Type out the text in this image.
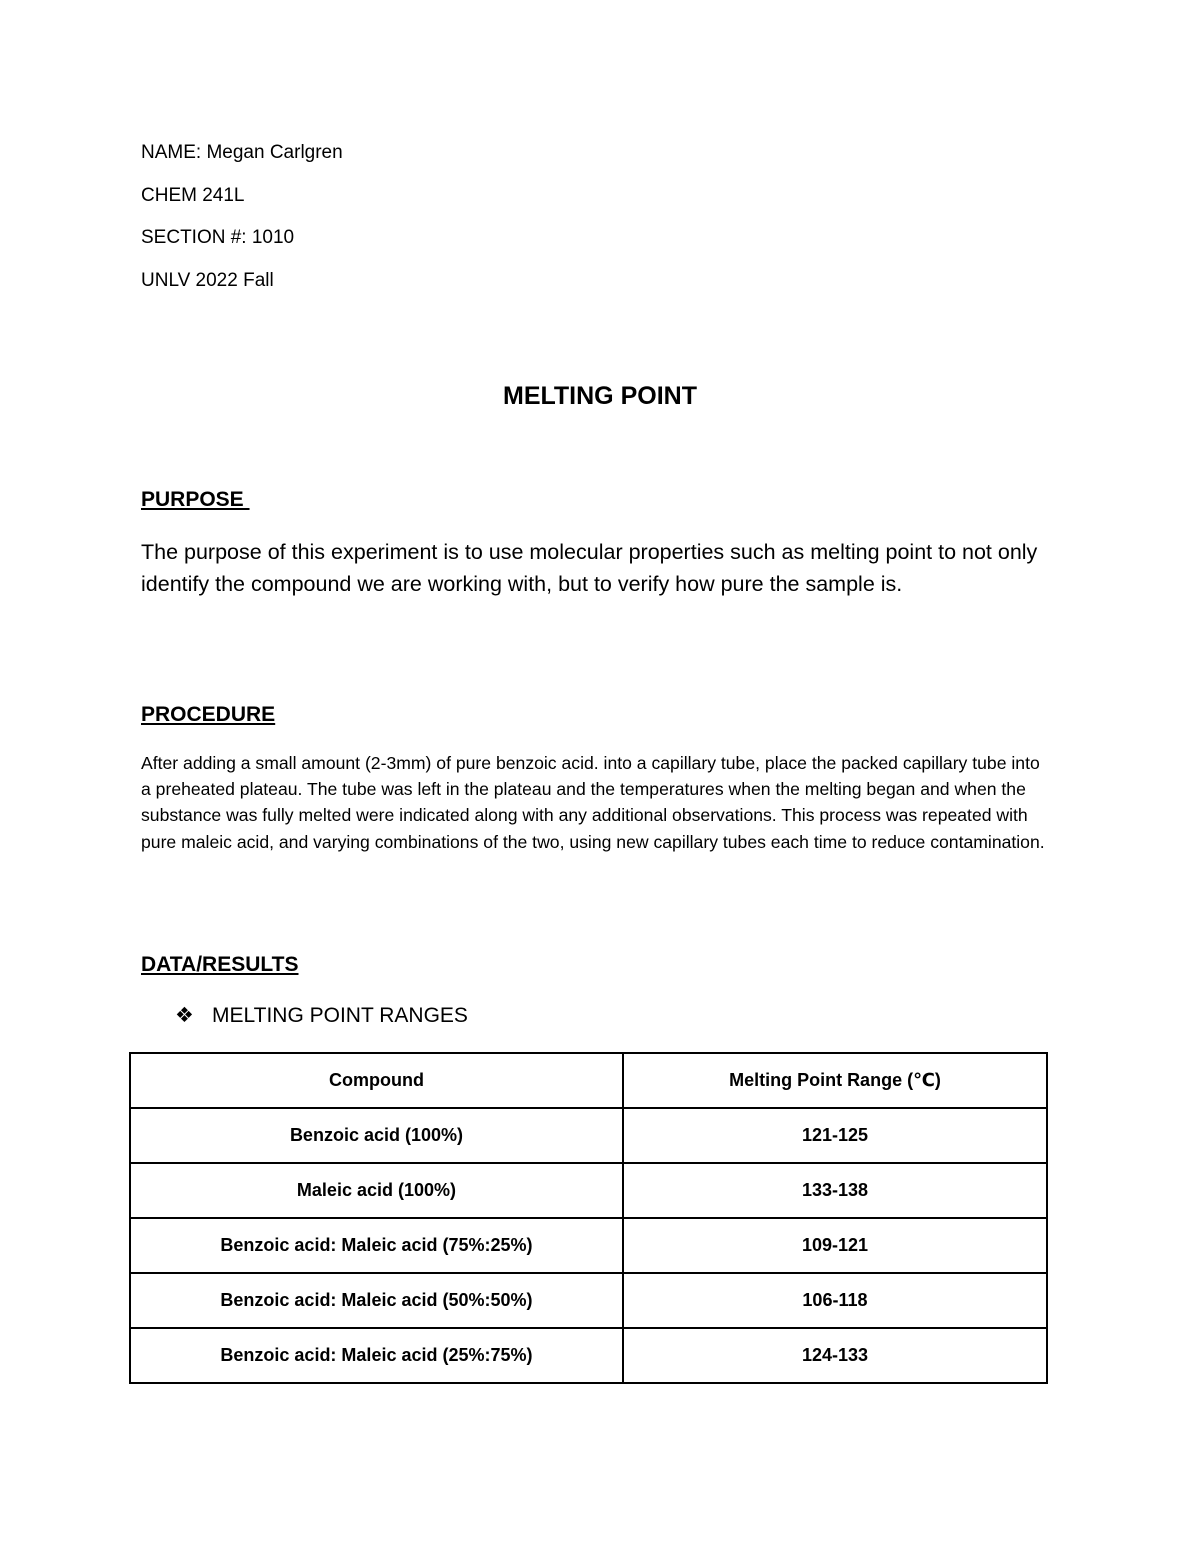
NAME: Megan Carlgren
CHEM 241L
SECTION #: 1010
UNLV 2022 Fall
MELTING POINT
PURPOSE
The purpose of this experiment is to use molecular properties such as melting point to not only identify the compound we are working with, but to verify how pure the sample is.
PROCEDURE
After adding a small amount (2-3mm) of pure benzoic acid. into a capillary tube, place the packed capillary tube into a preheated plateau. The tube was left in the plateau and the temperatures when the melting began and when the substance was fully melted were indicated along with any additional observations. This process was repeated with pure maleic acid, and varying combinations of the two, using new capillary tubes each time to reduce contamination.
DATA/RESULTS
❖ MELTING POINT RANGES
Compound	Melting Point Range (℃)
Benzoic acid (100%)	121-125
Maleic acid (100%)	133-138
Benzoic acid: Maleic acid (75%:25%)	109-121
Benzoic acid: Maleic acid (50%:50%)	106-118
Benzoic acid: Maleic acid (25%:75%)	124-133
